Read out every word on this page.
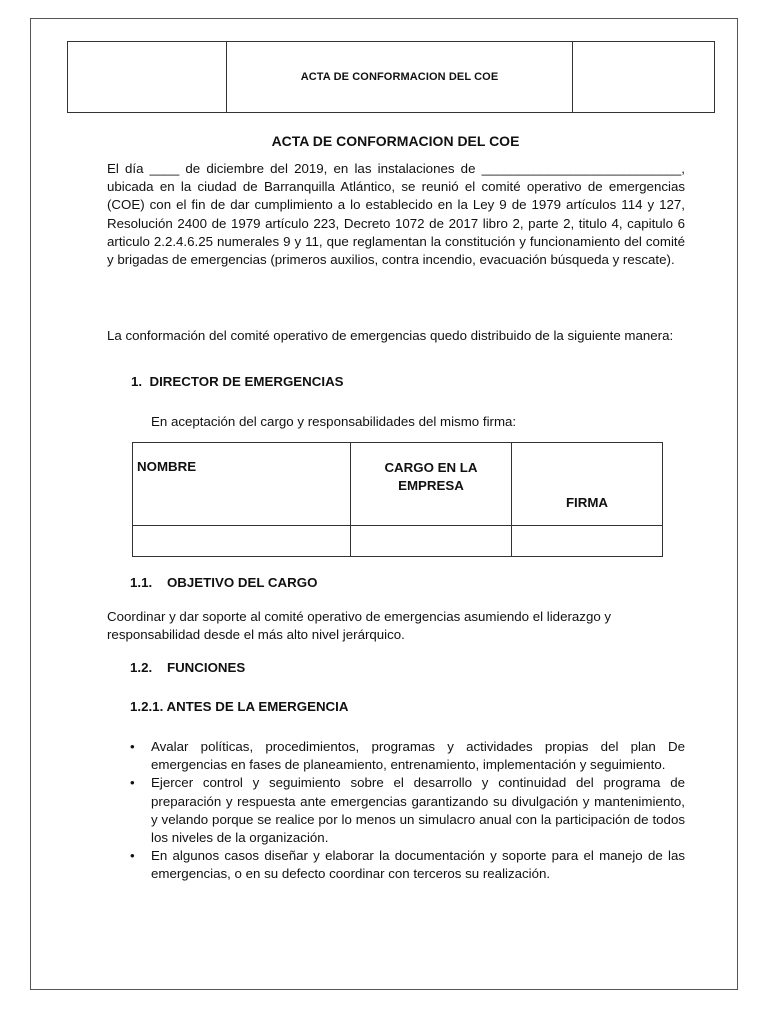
	ACTA DE CONFORMACION DEL COE	
ACTA DE CONFORMACION DEL COE

El día ____ de diciembre del 2019, en las instalaciones de ___________________________, ubicada en la ciudad de Barranquilla Atlántico, se reunió el comité operativo de emergencias (COE) con el fin de dar cumplimiento a lo establecido en la Ley 9 de 1979 artículos 114 y 127, Resolución 2400 de 1979 artículo 223, Decreto 1072 de 2017 libro 2, parte 2, titulo 4, capitulo 6 articulo 2.2.4.6.25 numerales 9 y 11, que reglamentan la constitución y funcionamiento del comité y brigadas de emergencias (primeros auxilios, contra incendio, evacuación búsqueda y rescate).

La conformación del comité operativo de emergencias quedo distribuido de la siguiente manera:

1.  DIRECTOR DE EMERGENCIAS

En aceptación del cargo y responsabilidades del mismo firma:
NOMBRE	CARGO EN LA EMPRESA	FIRMA

1.1.    OBJETIVO DEL CARGO

Coordinar y dar soporte al comité operativo de emergencias asumiendo el liderazgo y responsabilidad desde el más alto nivel jerárquico.

1.2.    FUNCIONES

1.2.1. ANTES DE LA EMERGENCIA

• Avalar políticas, procedimientos, programas y actividades propias del plan De emergencias en fases de planeamiento, entrenamiento, implementación y seguimiento.
• Ejercer control y seguimiento sobre el desarrollo y continuidad del programa de preparación y respuesta ante emergencias garantizando su divulgación y mantenimiento, y velando porque se realice por lo menos un simulacro anual con la participación de todos los niveles de la organización.
• En algunos casos diseñar y elaborar la documentación y soporte para el manejo de las emergencias, o en su defecto coordinar con terceros su realización.
